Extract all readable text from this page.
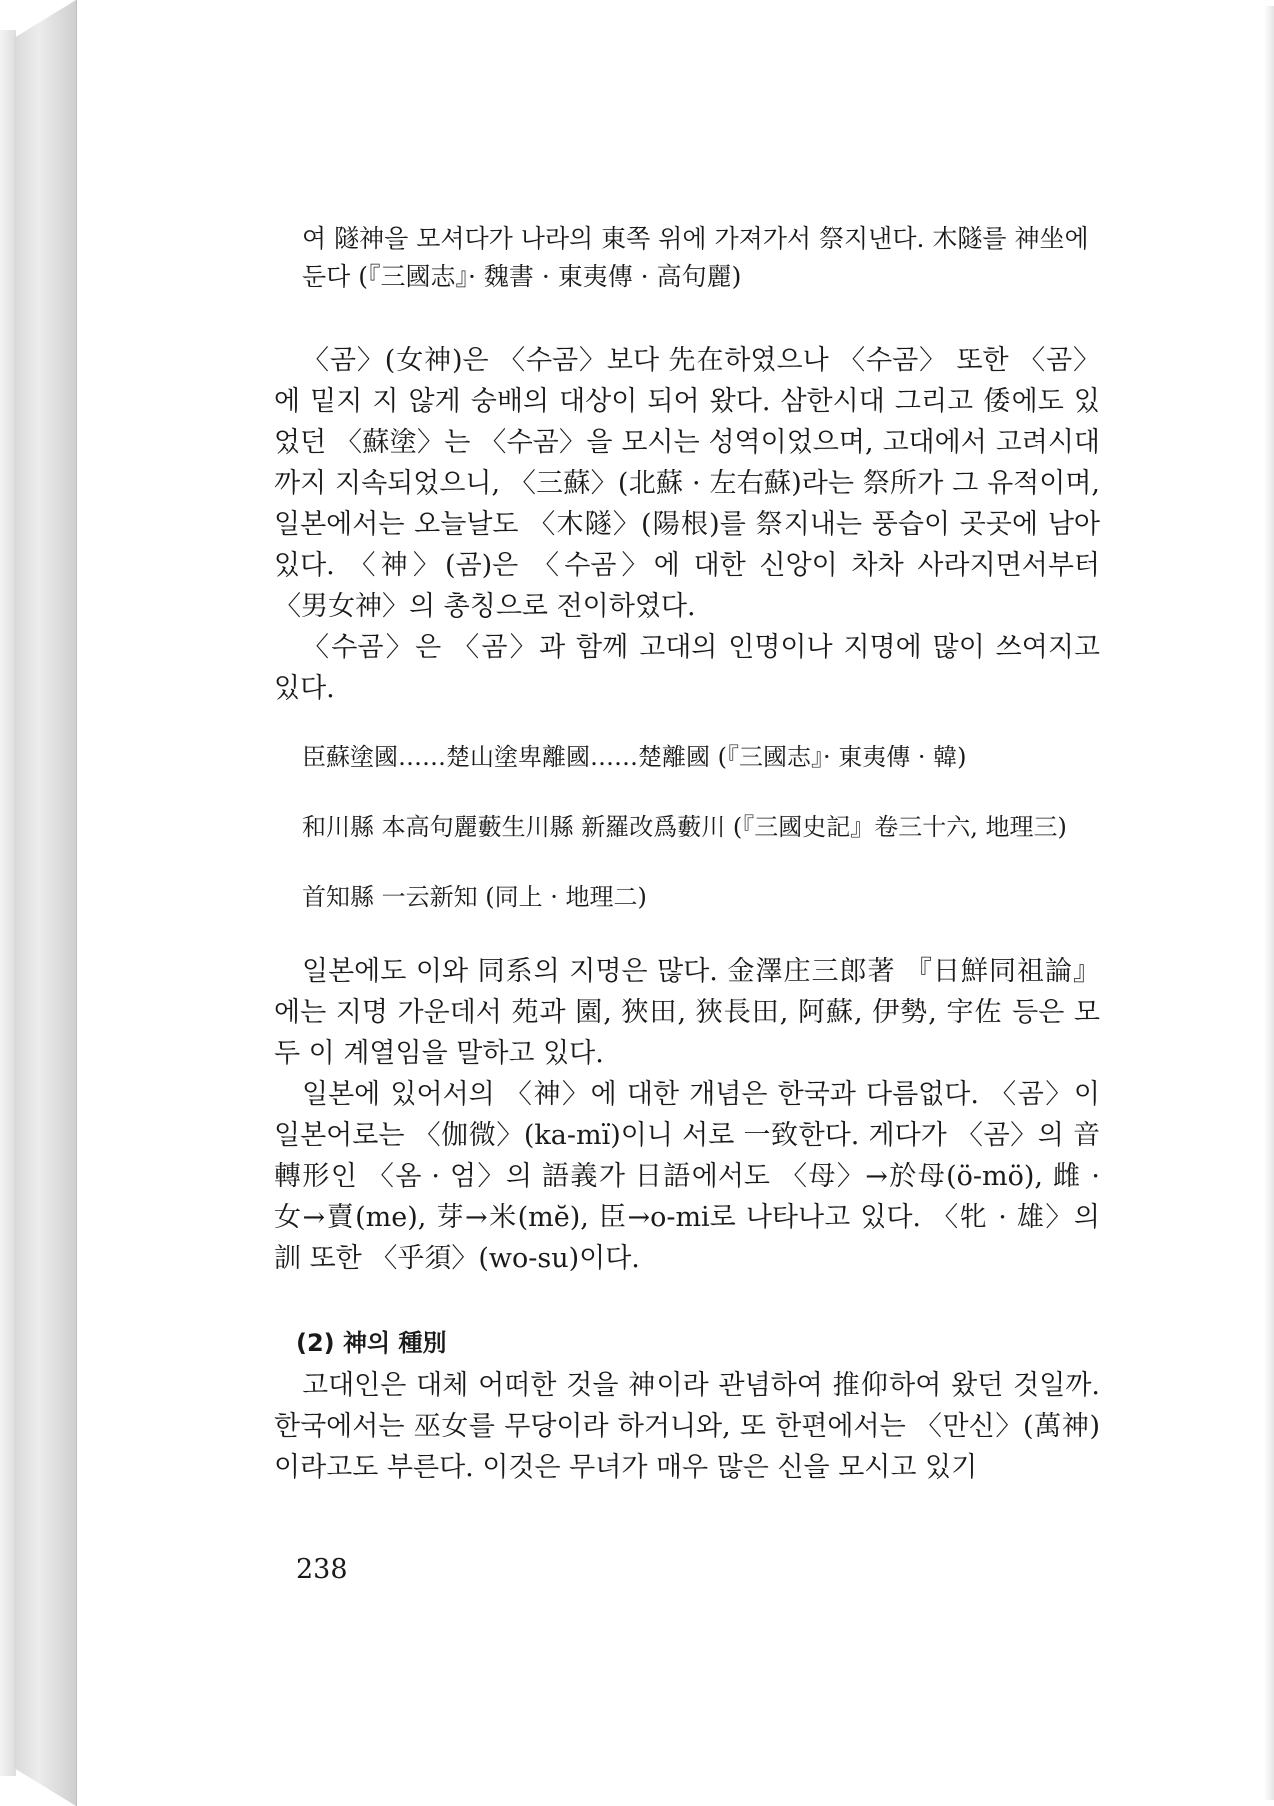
여 隧神을 모셔다가 나라의 東쪽 위에 가져가서 祭지낸다. 木隧를 神坐에
둔다 (『三國志』· 魏書 · 東夷傳 · 高句麗)

〈곰〉(女神)은 〈수곰〉보다 先在하였으나 〈수곰〉 또한 〈곰〉에 밑지 지 않게 숭배의 대상이 되어 왔다. 삼한시대 그리고 倭에도 있었던 〈蘇塗〉는 〈수곰〉을 모시는 성역이었으며, 고대에서 고려시대까지 지속되었으니, 〈三蘇〉(北蘇 · 左右蘇)라는 祭所가 그 유적이며, 일본에서는 오늘날도 〈木隧〉(陽根)를 祭지내는 풍습이 곳곳에 남아 있다. 〈神〉(곰)은 〈수곰〉에 대한 신앙이 차차 사라지면서부터 〈男女神〉의 총칭으로 전이하였다.

〈수곰〉은 〈곰〉과 함께 고대의 인명이나 지명에 많이 쓰여지고 있다.

臣蘇塗國……楚山塗卑離國……楚離國 (『三國志』· 東夷傳 · 韓)
和川縣 本高句麗藪生川縣 新羅改爲藪川 (『三國史記』卷三十六, 地理三)
首知縣 一云新知 (同上 · 地理二)

일본에도 이와 同系의 지명은 많다. 金澤庄三郎著 『日鮮同祖論』에는 지명 가운데서 苑과 園, 狹田, 狹長田, 阿蘇, 伊勢, 宇佐 등은 모두 이 계열임을 말하고 있다.

일본에 있어서의 〈神〉에 대한 개념은 한국과 다름없다. 〈곰〉이 일본어로는 〈伽微〉(ka-mï)이니 서로 一致한다. 게다가 〈곰〉의 音轉形인 〈옴 · 엄〉의 語義가 日語에서도 〈母〉→於母(ö-mö), 雌 · 女→賣(me), 芽→米(mĕ), 臣→o-mi로 나타나고 있다. 〈牝 · 雄〉의 訓 또한 〈乎須〉(wo-su)이다.

(2) 神의 種別

고대인은 대체 어떠한 것을 神이라 관념하여 推仰하여 왔던 것일까. 한국에서는 巫女를 무당이라 하거니와, 또 한편에서는 〈만신〉(萬神)이라고도 부른다. 이것은 무녀가 매우 많은 신을 모시고 있기

238
